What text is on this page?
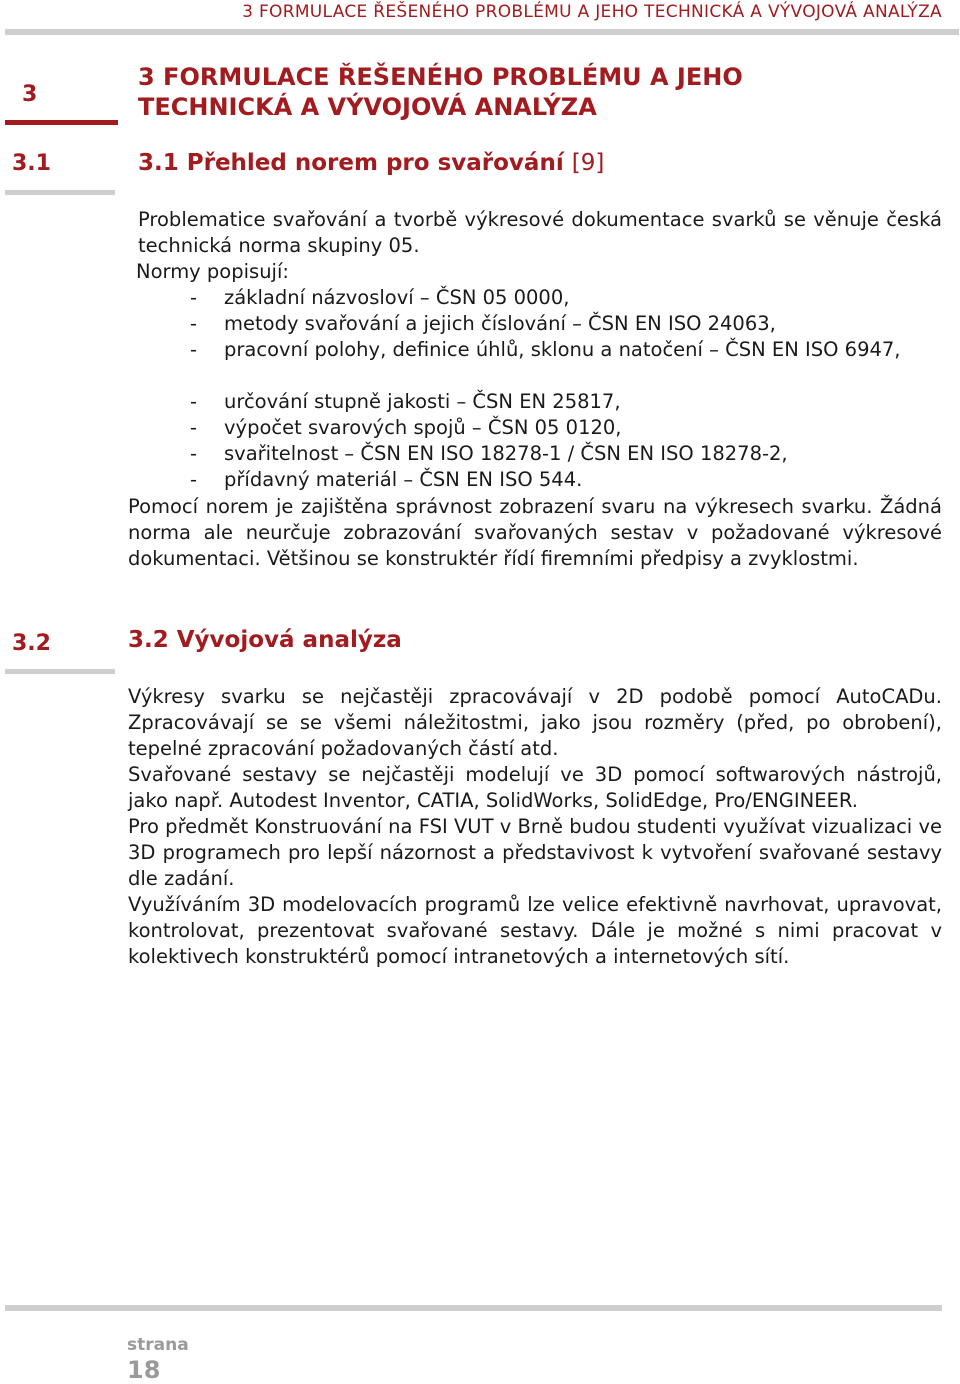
3 FORMULACE ŘEŠENÉHO PROBLÉMU A JEHO TECHNICKÁ A VÝVOJOVÁ ANALÝZA
3
3.1
3.2
3 FORMULACE ŘEŠENÉHO PROBLÉMU A JEHO
TECHNICKÁ A VÝVOJOVÁ ANALÝZA
3.1 Přehled norem pro svařování [9]
Problematice svařování a tvorbě výkresové dokumentace svarků se věnuje česká technická norma skupiny 05.
Normy popisují:
- základní názvosloví – ČSN 05 0000,
- metody svařování a jejich číslování – ČSN EN ISO 24063,
- pracovní polohy, definice úhlů, sklonu a natočení – ČSN EN ISO 6947,
- určování stupně jakosti – ČSN EN 25817,
- výpočet svarových spojů – ČSN 05 0120,
- svařitelnost – ČSN EN ISO 18278-1 / ČSN EN ISO 18278-2,
- přídavný materiál – ČSN EN ISO 544.
Pomocí norem je zajištěna správnost zobrazení svaru na výkresech svarku. Žádná norma ale neurčuje zobrazování svařovaných sestav v požadované výkresové dokumentaci. Většinou se konstruktér řídí firemními předpisy a zvyklostmi.
3.2 Vývojová analýza
Výkresy svarku se nejčastěji zpracovávají v 2D podobě pomocí AutoCADu. Zpracovávají se se všemi náležitostmi, jako jsou rozměry (před, po obrobení), tepelné zpracování požadovaných částí atd.
Svařované sestavy se nejčastěji modelují ve 3D pomocí softwarových nástrojů, jako např. Autodest Inventor, CATIA, SolidWorks, SolidEdge, Pro/ENGINEER.
Pro předmět Konstruování na FSI VUT v Brně budou studenti využívat vizualizaci ve 3D programech pro lepší názornost a představivost k vytvoření svařované sestavy dle zadání.
Využíváním 3D modelovacích programů lze velice efektivně navrhovat, upravovat, kontrolovat, prezentovat svařované sestavy. Dále je možné s nimi pracovat v kolektivech konstruktérů pomocí intranetových a internetových sítí.
strana
18
